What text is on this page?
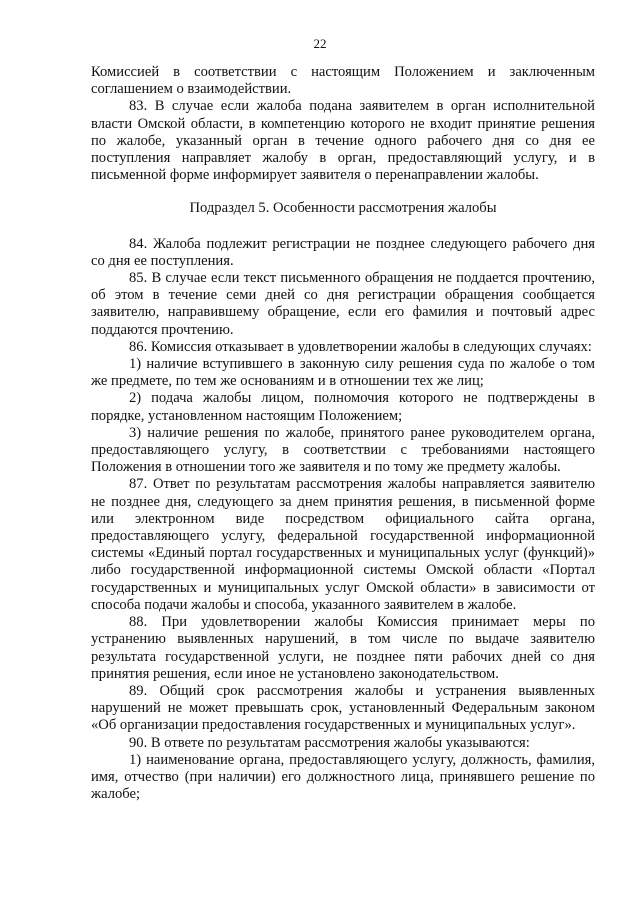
22

Комиссией в соответствии с настоящим Положением и заключенным соглашением о взаимодействии.

83. В случае если жалоба подана заявителем в орган исполнительной власти Омской области, в компетенцию которого не входит принятие решения по жалобе, указанный орган в течение одного рабочего дня со дня ее поступления направляет жалобу в орган, предоставляющий услугу, и в письменной форме информирует заявителя о перенаправлении жалобы.

Подраздел 5. Особенности рассмотрения жалобы

84. Жалоба подлежит регистрации не позднее следующего рабочего дня со дня ее поступления.

85. В случае если текст письменного обращения не поддается прочтению, об этом в течение семи дней со дня регистрации обращения сообщается заявителю, направившему обращение, если его фамилия и почтовый адрес поддаются прочтению.

86. Комиссия отказывает в удовлетворении жалобы в следующих случаях:

1) наличие вступившего в законную силу решения суда по жалобе о том же предмете, по тем же основаниям и в отношении тех же лиц;

2) подача жалобы лицом, полномочия которого не подтверждены в порядке, установленном настоящим Положением;

3) наличие решения по жалобе, принятого ранее руководителем органа, предоставляющего услугу, в соответствии с требованиями настоящего Положения в отношении того же заявителя и по тому же предмету жалобы.

87. Ответ по результатам рассмотрения жалобы направляется заявителю не позднее дня, следующего за днем принятия решения, в письменной форме или электронном виде посредством официального сайта органа, предоставляющего услугу, федеральной государственной информационной системы «Единый портал государственных и муниципальных услуг (функций)» либо государственной информационной системы Омской области «Портал государственных и муниципальных услуг Омской области» в зависимости от способа подачи жалобы и способа, указанного заявителем в жалобе.

88. При удовлетворении жалобы Комиссия принимает меры по устранению выявленных нарушений, в том числе по выдаче заявителю результата государственной услуги, не позднее пяти рабочих дней со дня принятия решения, если иное не установлено законодательством.

89. Общий срок рассмотрения жалобы и устранения выявленных нарушений не может превышать срок, установленный Федеральным законом «Об организации предоставления государственных и муниципальных услуг».

90. В ответе по результатам рассмотрения жалобы указываются:

1) наименование органа, предоставляющего услугу, должность, фамилия, имя, отчество (при наличии) его должностного лица, принявшего решение по жалобе;
